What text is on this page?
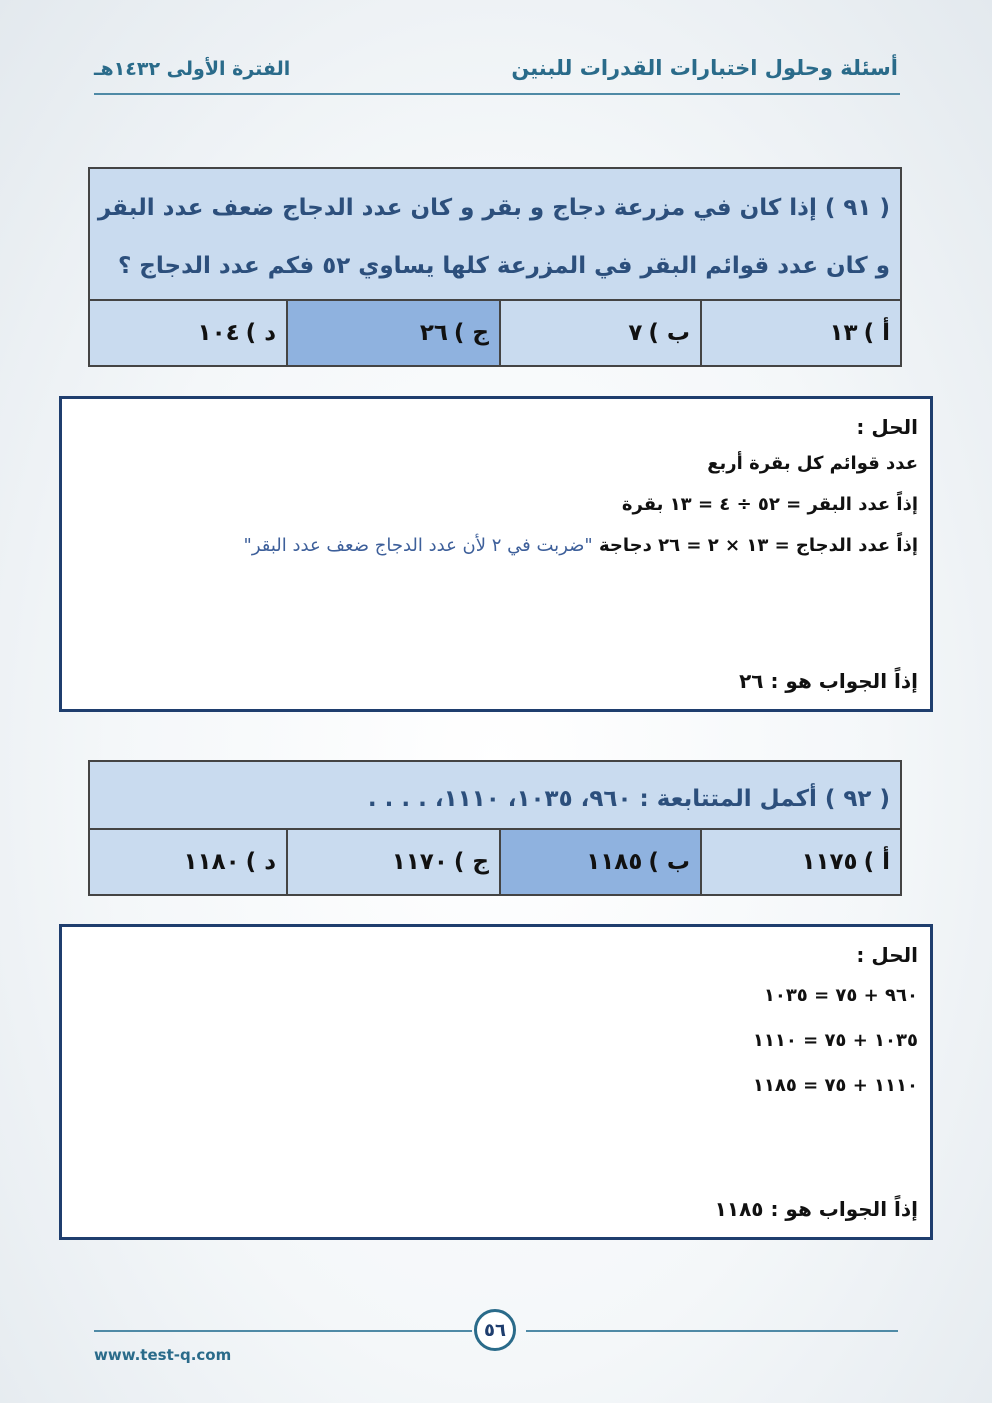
أسئلة وحلول اختبارات القدرات للبنين
الفترة الأولى ١٤٣٢هـ
( ٩١ ) إذا كان في مزرعة دجاج و بقر و كان عدد الدجاج ضعف عدد البقر
و كان عدد قوائم البقر في المزرعة كلها يساوي ٥٢ فكم عدد الدجاج ؟
أ )
١٣
ب )
٧
ج )
٢٦
د )
١٠٤
الحل :
عدد قوائم كل بقرة أربع
إذاً عدد البقر = ٥٢ ÷ ٤ = ١٣ بقرة
إذاً عدد الدجاج = ١٣ × ٢ = ٢٦ دجاجة "ضربت في ٢ لأن عدد الدجاج ضعف عدد البقر"
إذاً الجواب هو : ٢٦
( ٩٢ ) أكمل المتتابعة : ٩٦٠، ١٠٣٥، ١١١٠، . . . .
أ )
١١٧٥
ب )
١١٨٥
ج )
١١٧٠
د )
١١٨٠
الحل :
٩٦٠ + ٧٥ = ١٠٣٥
١٠٣٥ + ٧٥ = ١١١٠
١١١٠ + ٧٥ = ١١٨٥
إذاً الجواب هو : ١١٨٥
٥٦
www.test-q.com
